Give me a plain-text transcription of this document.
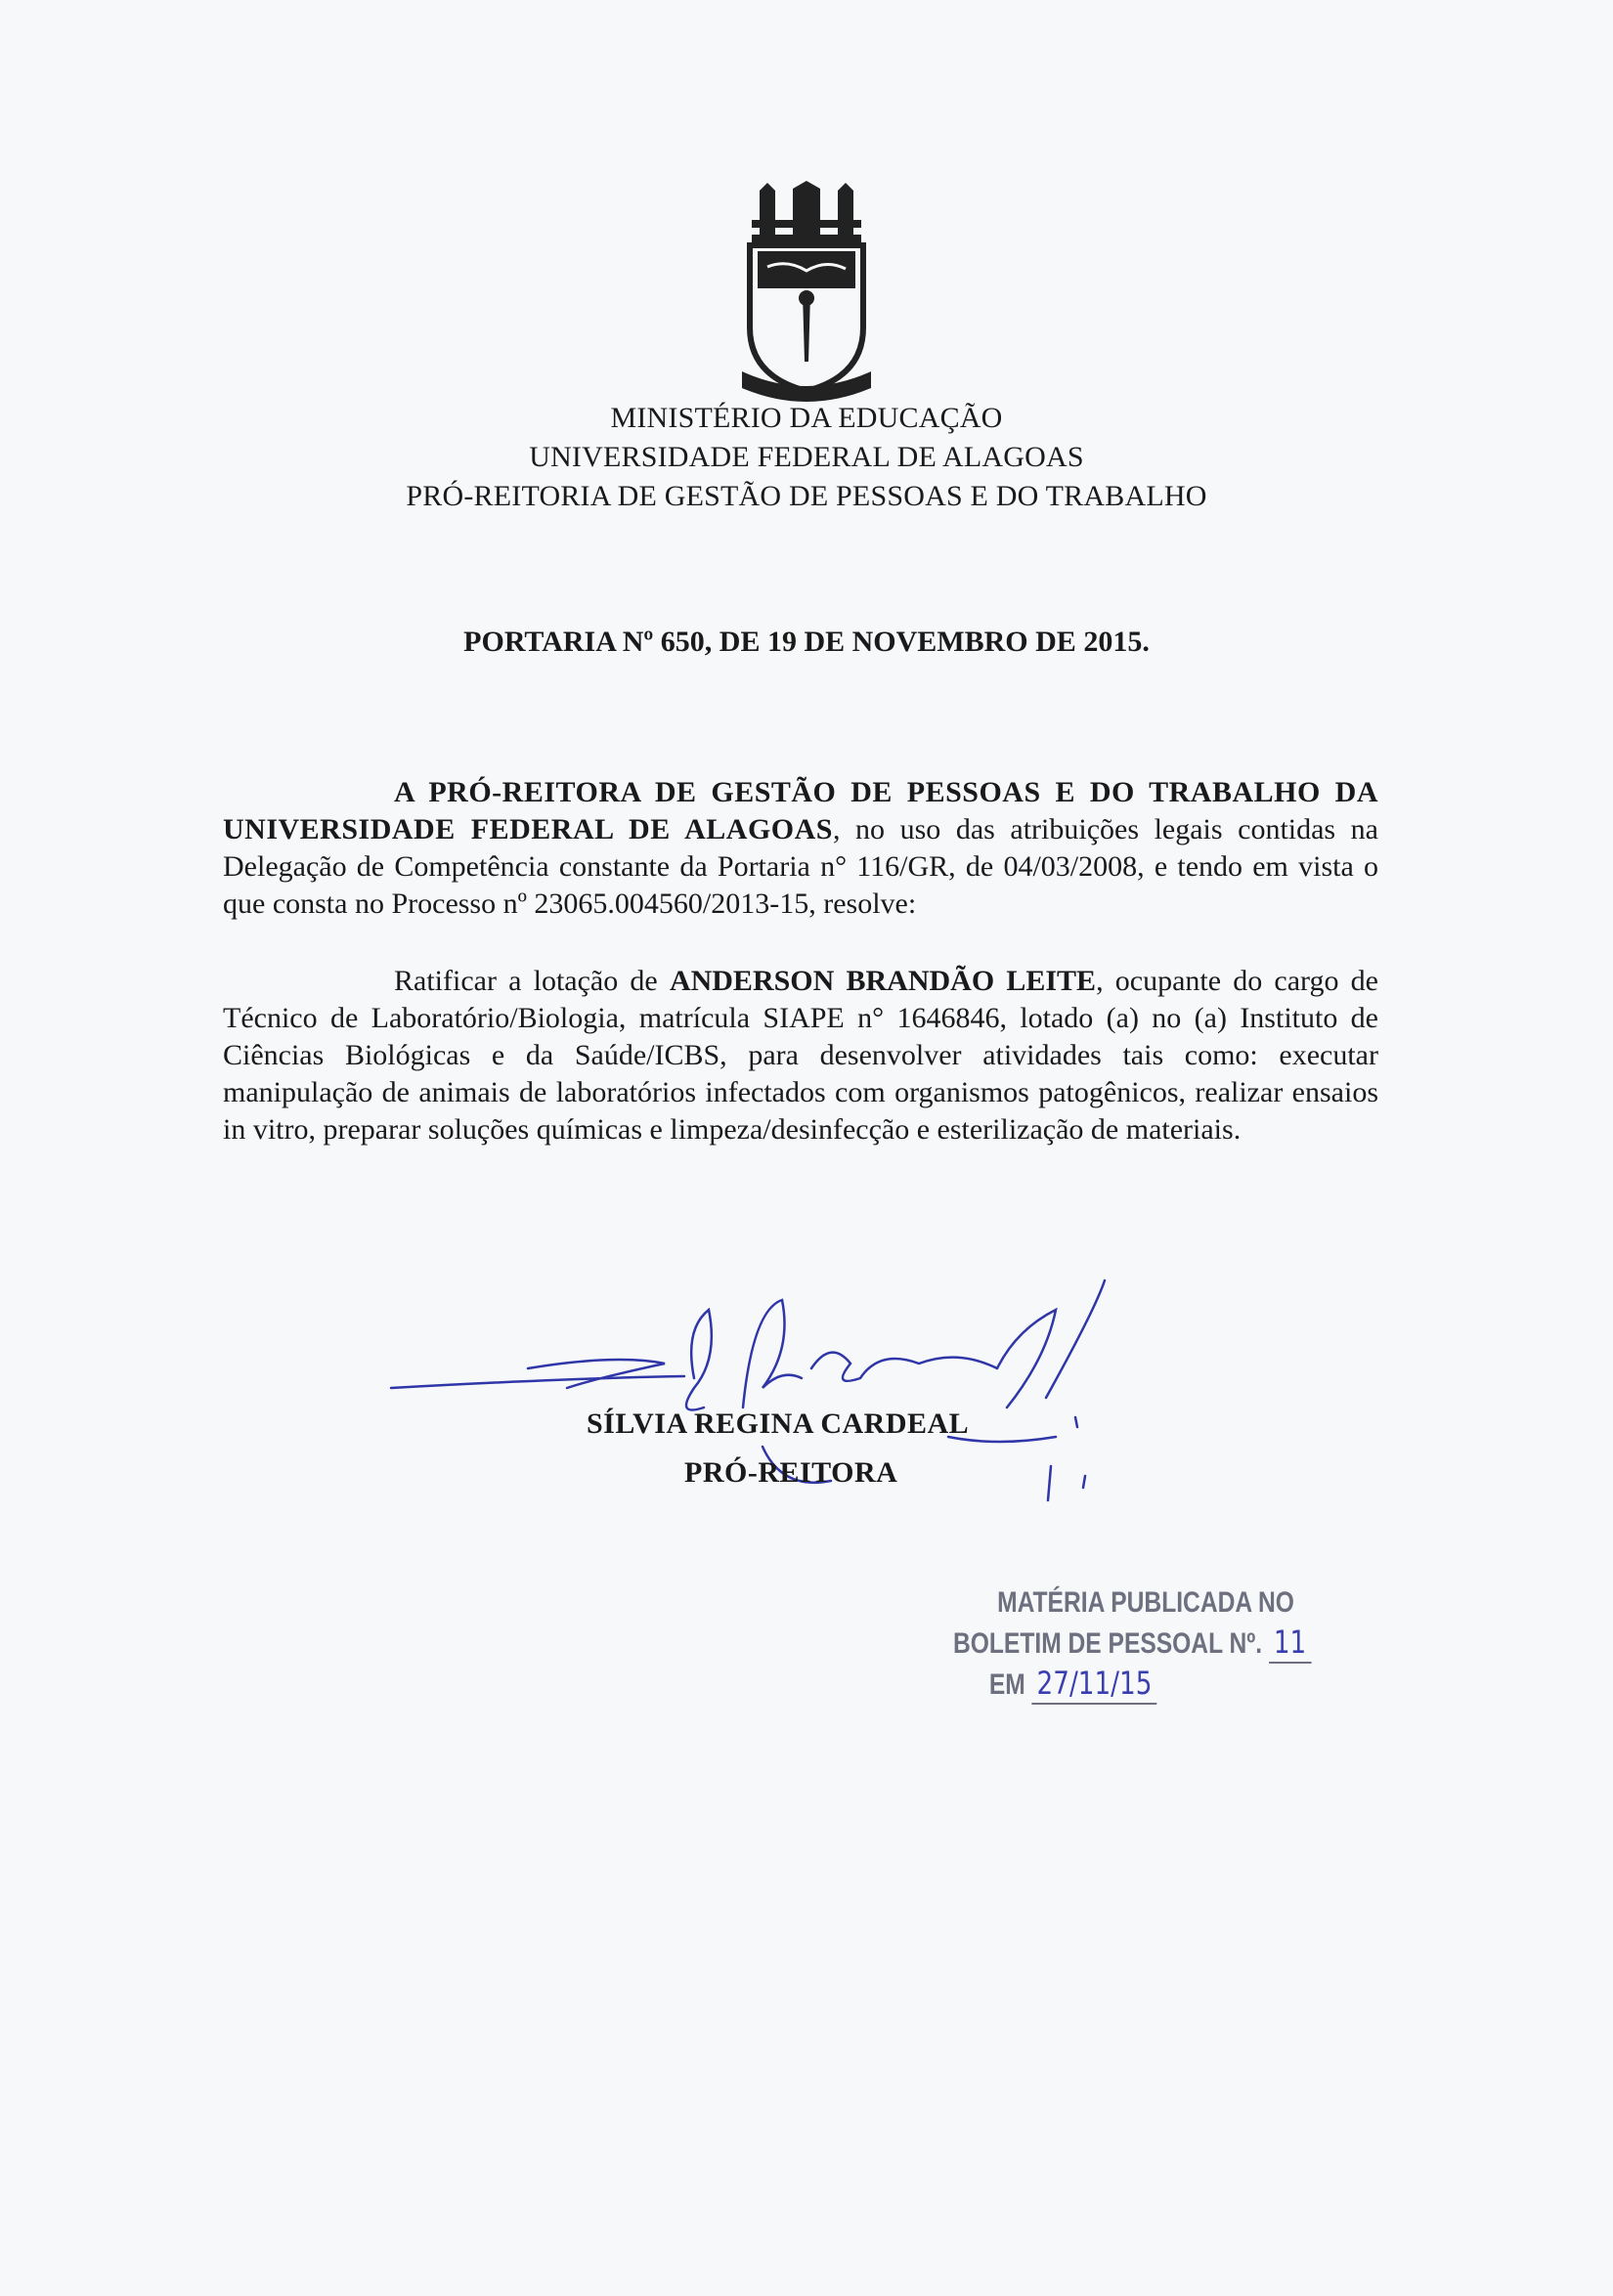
MINISTÉRIO DA EDUCAÇÃO
UNIVERSIDADE FEDERAL DE ALAGOAS
PRÓ-REITORIA DE GESTÃO DE PESSOAS E DO TRABALHO
PORTARIA Nº 650, DE 19 DE NOVEMBRO DE 2015.
A PRÓ-REITORA DE GESTÃO DE PESSOAS E DO TRABALHO DA UNIVERSIDADE FEDERAL DE ALAGOAS, no uso das atribuições legais contidas na Delegação de Competência constante da Portaria n° 116/GR, de 04/03/2008, e tendo em vista o que consta no Processo nº 23065.004560/2013-15, resolve:
Ratificar a lotação de ANDERSON BRANDÃO LEITE, ocupante do cargo de Técnico de Laboratório/Biologia, matrícula SIAPE n° 1646846, lotado (a) no (a) Instituto de Ciências Biológicas e da Saúde/ICBS, para desenvolver atividades tais como: executar manipulação de animais de laboratórios infectados com organismos patogênicos, realizar ensaios in vitro, preparar soluções químicas e limpeza/desinfecção e esterilização de materiais.
SÍLVIA REGINA CARDEAL
PRÓ-REITORA
MATÉRIA PUBLICADA NO
BOLETIM DE PESSOAL Nº. 11
EM 27/11/15
